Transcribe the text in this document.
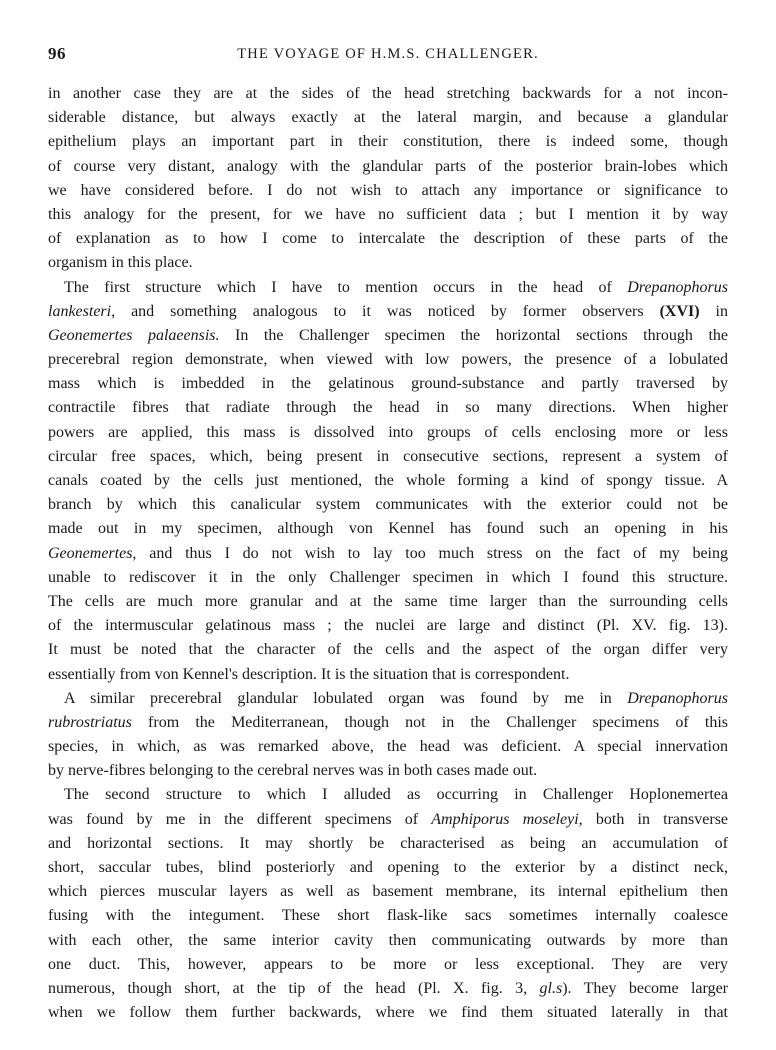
96	THE VOYAGE OF H.M.S. CHALLENGER.
in another case they are at the sides of the head stretching backwards for a not incon-
siderable distance, but always exactly at the lateral margin, and because a glandular
epithelium plays an important part in their constitution, there is indeed some, though
of course very distant, analogy with the glandular parts of the posterior brain-lobes which
we have considered before. I do not wish to attach any importance or significance to
this analogy for the present, for we have no sufficient data ; but I mention it by way
of explanation as to how I come to intercalate the description of these parts of the
organism in this place.
The first structure which I have to mention occurs in the head of Drepanophorus
lankesteri, and something analogous to it was noticed by former observers (XVI) in
Geonemertes palaeensis. In the Challenger specimen the horizontal sections through the
precerebral region demonstrate, when viewed with low powers, the presence of a lobulated
mass which is imbedded in the gelatinous ground-substance and partly traversed by
contractile fibres that radiate through the head in so many directions. When higher
powers are applied, this mass is dissolved into groups of cells enclosing more or less
circular free spaces, which, being present in consecutive sections, represent a system of
canals coated by the cells just mentioned, the whole forming a kind of spongy tissue. A
branch by which this canalicular system communicates with the exterior could not be
made out in my specimen, although von Kennel has found such an opening in his
Geonemertes, and thus I do not wish to lay too much stress on the fact of my being
unable to rediscover it in the only Challenger specimen in which I found this structure.
The cells are much more granular and at the same time larger than the surrounding cells
of the intermuscular gelatinous mass ; the nuclei are large and distinct (Pl. XV. fig. 13).
It must be noted that the character of the cells and the aspect of the organ differ very
essentially from von Kennel's description. It is the situation that is correspondent.
A similar precerebral glandular lobulated organ was found by me in Drepanophorus
rubrostriatus from the Mediterranean, though not in the Challenger specimens of this
species, in which, as was remarked above, the head was deficient. A special innervation
by nerve-fibres belonging to the cerebral nerves was in both cases made out.
The second structure to which I alluded as occurring in Challenger Hoplonemertea
was found by me in the different specimens of Amphiporus moseleyi, both in transverse
and horizontal sections. It may shortly be characterised as being an accumulation of
short, saccular tubes, blind posteriorly and opening to the exterior by a distinct neck,
which pierces muscular layers as well as basement membrane, its internal epithelium then
fusing with the integument. These short flask-like sacs sometimes internally coalesce
with each other, the same interior cavity then communicating outwards by more than
one duct. This, however, appears to be more or less exceptional. They are very
numerous, though short, at the tip of the head (Pl. X. fig. 3, gl.s). They become larger
when we follow them further backwards, where we find them situated laterally in that
